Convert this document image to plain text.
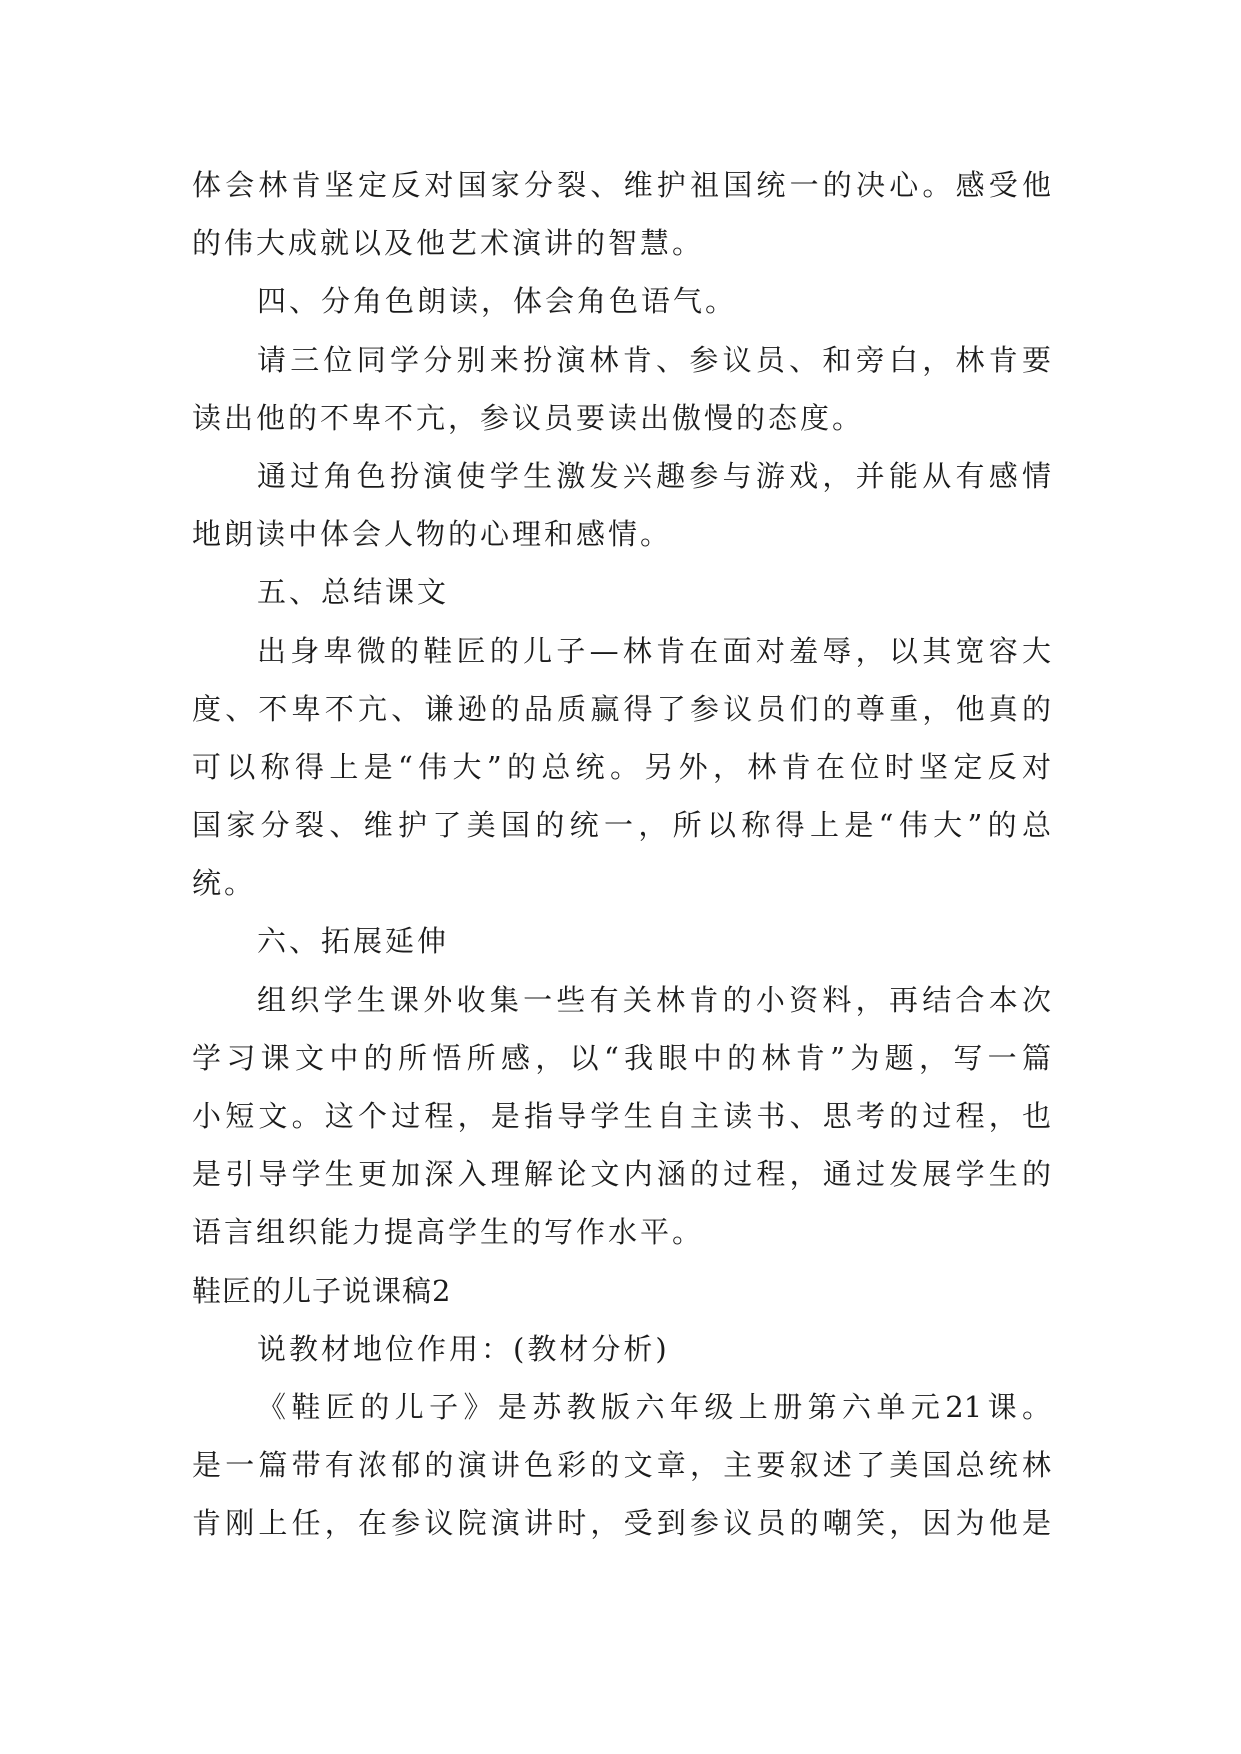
体会林肯坚定反对国家分裂、维护祖国统一的决心。感受他
的伟大成就以及他艺术演讲的智慧。
四、分角色朗读，体会角色语气。
请三位同学分别来扮演林肯、参议员、和旁白，林肯要
读出他的不卑不亢，参议员要读出傲慢的态度。
通过角色扮演使学生激发兴趣参与游戏，并能从有感情
地朗读中体会人物的心理和感情。
五、总结课文
出身卑微的鞋匠的儿子—林肯在面对羞辱，以其宽容大
度、不卑不亢、谦逊的品质赢得了参议员们的尊重，他真的
可以称得上是“伟大”的总统。另外，林肯在位时坚定反对
国家分裂、维护了美国的统一，所以称得上是“伟大”的总
统。
六、拓展延伸
组织学生课外收集一些有关林肯的小资料，再结合本次
学习课文中的所悟所感，以“我眼中的林肯”为题，写一篇
小短文。这个过程，是指导学生自主读书、思考的过程，也
是引导学生更加深入理解论文内涵的过程，通过发展学生的
语言组织能力提高学生的写作水平。
鞋匠的儿子说课稿2
说教材地位作用：(教材分析)
《鞋匠的儿子》是苏教版六年级上册第六单元21课。
是一篇带有浓郁的演讲色彩的文章，主要叙述了美国总统林
肯刚上任，在参议院演讲时，受到参议员的嘲笑，因为他是
